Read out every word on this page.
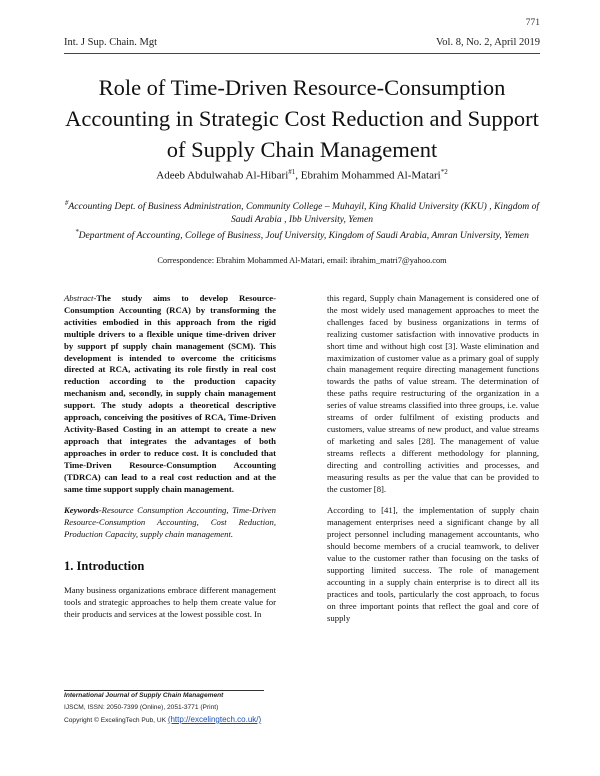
771
Int. J Sup. Chain. Mgt	Vol. 8, No. 2, April 2019
Role of Time-Driven Resource-Consumption Accounting in Strategic Cost Reduction and Support of Supply Chain Management
Adeeb Abdulwahab Al-Hibari$^{\#1}$, Ebrahim Mohammed Al-Matari$^{*2}$
#Accounting Dept. of Business Administration, Community College – Muhayil, King Khalid University (KKU) , Kingdom of Saudi Arabia , Ibb University, Yemen
*Department of Accounting, College of Business, Jouf University, Kingdom of Saudi Arabia, Amran University, Yemen
Correspondence: Ebrahim Mohammed Al-Matari, email: ibrahim_matri7@yahoo.com

Abstract-The study aims to develop Resource-Consumption Accounting (RCA) by transforming the activities embodied in this approach from the rigid multiple drivers to a flexible unique time-driven driver by support pf supply chain management (SCM). This development is intended to overcome the criticisms directed at RCA, activating its role firstly in real cost reduction according to the production capacity mechanism and, secondly, in supply chain management support. The study adopts a theoretical descriptive approach, conceiving the positives of RCA, Time-Driven Activity-Based Costing in an attempt to create a new approach that integrates the advantages of both approaches in order to reduce cost. It is concluded that Time-Driven Resource-Consumption Accounting (TDRCA) can lead to a real cost reduction and at the same time support supply chain management.

Keywords-Resource Consumption Accounting, Time-Driven Resource-Consumption Accounting, Cost Reduction, Production Capacity, supply chain management.

1. Introduction

Many business organizations embrace different management tools and strategic approaches to help them create value for their products and services at the lowest possible cost. In

this regard, Supply chain Management is considered one of the most widely used management approaches to meet the challenges faced by business organizations in terms of realizing customer satisfaction with innovative products in short time and without high cost [3]. Waste elimination and maximization of customer value as a primary goal of supply chain management require directing management functions towards the paths of value stream. The determination of these paths require restructuring of the organization in a series of value streams classified into three groups, i.e. value streams of order fulfilment of existing products and customers, value streams of new product, and value streams of marketing and sales [28]. The management of value streams reflects a different methodology for planning, directing and controlling activities and processes, and measuring results as per the value that can be provided to the customer [8].

According to [41], the implementation of supply chain management enterprises need a significant change by all project personnel including management accountants, who should become members of a crucial teamwork, to deliver value to the customer rather than focusing on the tasks of supporting limited success. The role of management accounting in a supply chain enterprise is to direct all its practices and tools, particularly the cost approach, to focus on three important points that reflect the goal and core of supply

International Journal of Supply Chain Management
IJSCM, ISSN: 2050-7399 (Online), 2051-3771 (Print)
Copyright © ExcelingTech Pub, UK (http://excelingtech.co.uk/)
